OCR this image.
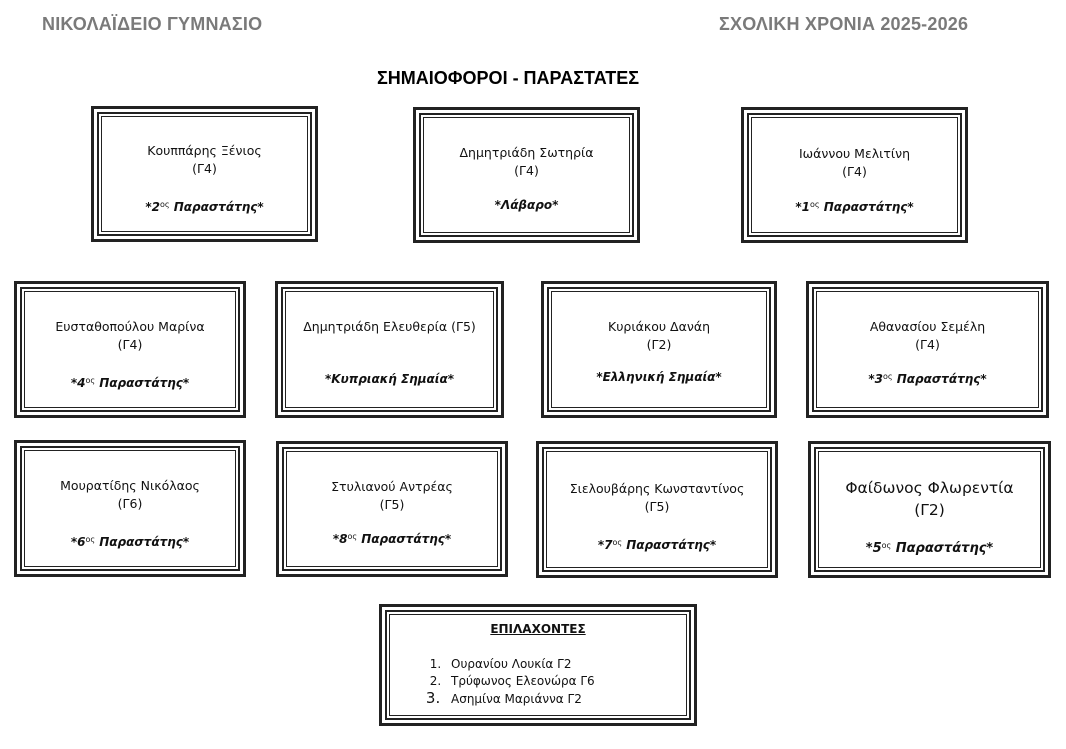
ΝΙΚΟΛΑΪΔΕΙΟ ΓΥΜΝΑΣΙΟ	ΣΧΟΛΙΚΗ ΧΡΟΝΙΑ 2025-2026
ΣΗΜΑΙΟΦΟΡΟΙ - ΠΑΡΑΣΤΑΤΕΣ
Κουππάρης Ξένιος
(Γ4)
$*2^{o\varsigma}$ Παραστάτης*
Δημητριάδη Σωτηρία
(Γ4)
*Λάβαρο*
Ιωάννου Μελιτίνη
(Γ4)
$*1^{o\varsigma}$ Παραστάτης*
Ευσταθοπούλου Μαρίνα
(Γ4)
$*4^{o\varsigma}$ Παραστάτης*
Δημητριάδη Ελευθερία (Γ5)
*Κυπριακή Σημαία*
Κυριάκου Δανάη
(Γ2)
*Ελληνική Σημαία*
Αθανασίου Σεμέλη
(Γ4)
$*3^{o\varsigma}$ Παραστάτης*
Μουρατίδης Νικόλαος
(Γ6)
$*6^{o\varsigma}$ Παραστάτης*
Στυλιανού Αντρέας
(Γ5)
$*8^{o\varsigma}$ Παραστάτης*
Σιελουβάρης Κωνσταντίνος
(Γ5)
$*7^{o\varsigma}$ Παραστάτης*
Φαίδωνος Φλωρεντία
(Γ2)
$*5^{o\varsigma}$ Παραστάτης*
ΕΠΙΛΑΧΟΝΤΕΣ
1. Ουρανίου Λουκία Γ2
2. Τρύφωνος Ελεονώρα Γ6
3. Ασημίνα Μαριάννα Γ2
